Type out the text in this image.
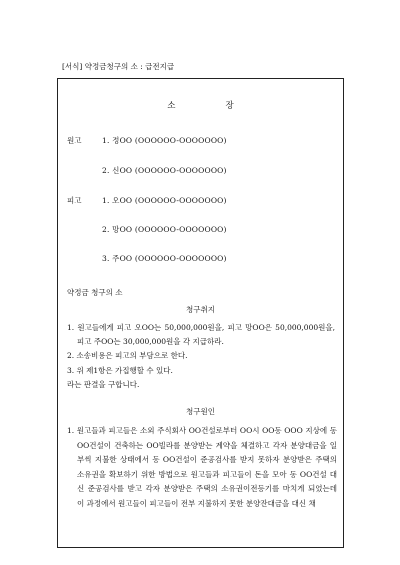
[서식] 약정금청구의 소 : 급전지급
소장
원고	1. 정OO (OOOOOO-OOOOOOO)
2. 신OO (OOOOOO-OOOOOOO)
피고	1. 오OO (OOOOOO-OOOOOOO)
2. 망OO (OOOOOO-OOOOOOO)
3. 주OO (OOOOOO-OOOOOOO)
약정금 청구의 소
청구취지

1. 원고들에게 피고 오OO는 50,000,000원을, 피고 망OO은 50,000,000원을, 피고 주OO는 30,000,000원을 각 지급하라.

2. 소송비용은 피고의 부담으로 한다.

3. 위 제1항은 가집행할 수 있다.

라는 판결을 구합니다.

청구원인

1. 원고들과 피고들은 소외 주식회사 OO건설로부터 OO시 OO동 OOO 지상에 동 OO건설이 건축하는 OO빌라를 분양받는 계약을 체결하고 각자 분양대금을 일부씩 지불한 상태에서 동 OO건설이 준공검사를 받지 못하자 분양받은 주택의 소유권을 확보하기 위한 방법으로 원고들과 피고들이 돈을 모아 동 OO건설 대신 준공검사를 받고 각자 분양받은 주택의 소유권이전등기를 마치게 되었는데 이 과정에서 원고들이 피고들이 전부 지불하지 못한 분양잔대금을 대신 채
